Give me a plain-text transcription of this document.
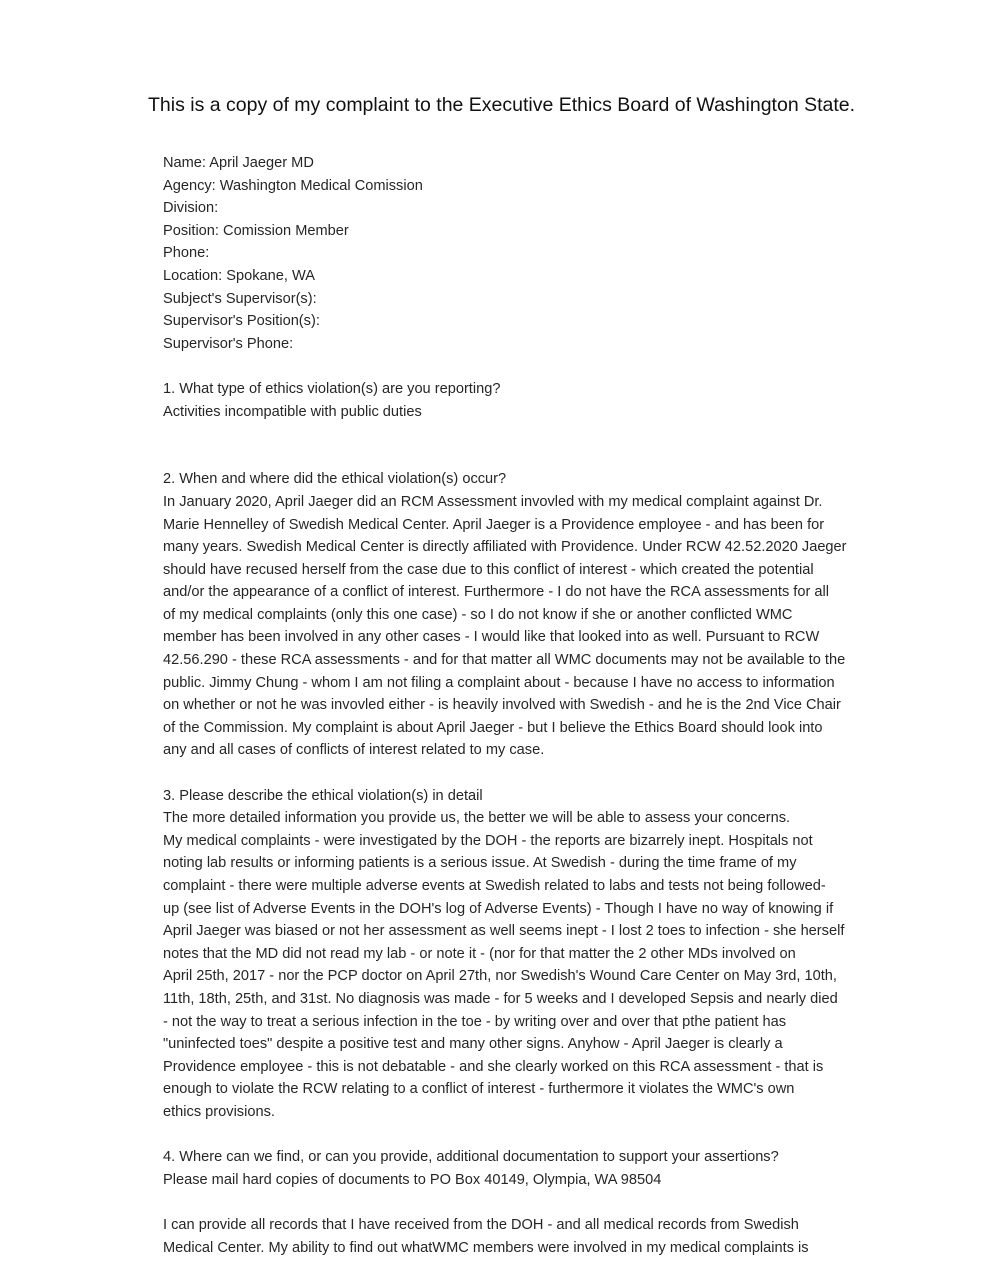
This is a copy of my complaint to the Executive Ethics Board of Washington State.
Name: April Jaeger MD
Agency: Washington Medical Comission
Division:
Position: Comission Member
Phone:
Location: Spokane, WA
Subject's Supervisor(s):
Supervisor's Position(s):
Supervisor's Phone:
1. What type of ethics violation(s) are you reporting?
Activities incompatible with public duties
2. When and where did the ethical violation(s) occur?
In January 2020, April Jaeger did an RCM Assessment invovled with my medical complaint against Dr.
Marie Hennelley of Swedish Medical Center. April Jaeger is a Providence employee - and has been for
many years. Swedish Medical Center is directly affiliated with Providence. Under RCW 42.52.2020 Jaeger
should have recused herself from the case due to this conflict of interest - which created the potential
and/or the appearance of a conflict of interest. Furthermore - I do not have the RCA assessments for all
of my medical complaints (only this one case) - so I do not know if she or another conflicted WMC
member has been involved in any other cases - I would like that looked into as well. Pursuant to RCW
42.56.290 - these RCA assessments - and for that matter all WMC documents may not be available to the
public. Jimmy Chung - whom I am not filing a complaint about - because I have no access to information
on whether or not he was invovled either - is heavily involved with Swedish - and he is the 2nd Vice Chair
of the Commission. My complaint is about April Jaeger - but I believe the Ethics Board should look into
any and all cases of conflicts of interest related to my case.
3. Please describe the ethical violation(s) in detail
The more detailed information you provide us, the better we will be able to assess your concerns.
My medical complaints - were investigated by the DOH - the reports are bizarrely inept. Hospitals not
noting lab results or informing patients is a serious issue. At Swedish - during the time frame of my
complaint - there were multiple adverse events at Swedish related to labs and tests not being followed-
up (see list of Adverse Events in the DOH's log of Adverse Events) - Though I have no way of knowing if
April Jaeger was biased or not her assessment as well seems inept - I lost 2 toes to infection - she herself
notes that the MD did not read my lab - or note it - (nor for that matter the 2 other MDs involved on
April 25th, 2017 - nor the PCP doctor on April 27th, nor Swedish's Wound Care Center on May 3rd, 10th,
11th, 18th, 25th, and 31st. No diagnosis was made - for 5 weeks and I developed Sepsis and nearly died
- not the way to treat a serious infection in the toe - by writing over and over that pthe patient has
"uninfected toes" despite a positive test and many other signs. Anyhow - April Jaeger is clearly a
Providence employee - this is not debatable - and she clearly worked on this RCA assessment - that is
enough to violate the RCW relating to a conflict of interest - furthermore it violates the WMC's own
ethics provisions.
4. Where can we find, or can you provide, additional documentation to support your assertions?
Please mail hard copies of documents to PO Box 40149, Olympia, WA 98504
I can provide all records that I have received from the DOH - and all medical records from Swedish
Medical Center. My ability to find out whatWMC members were involved in my medical complaints is
